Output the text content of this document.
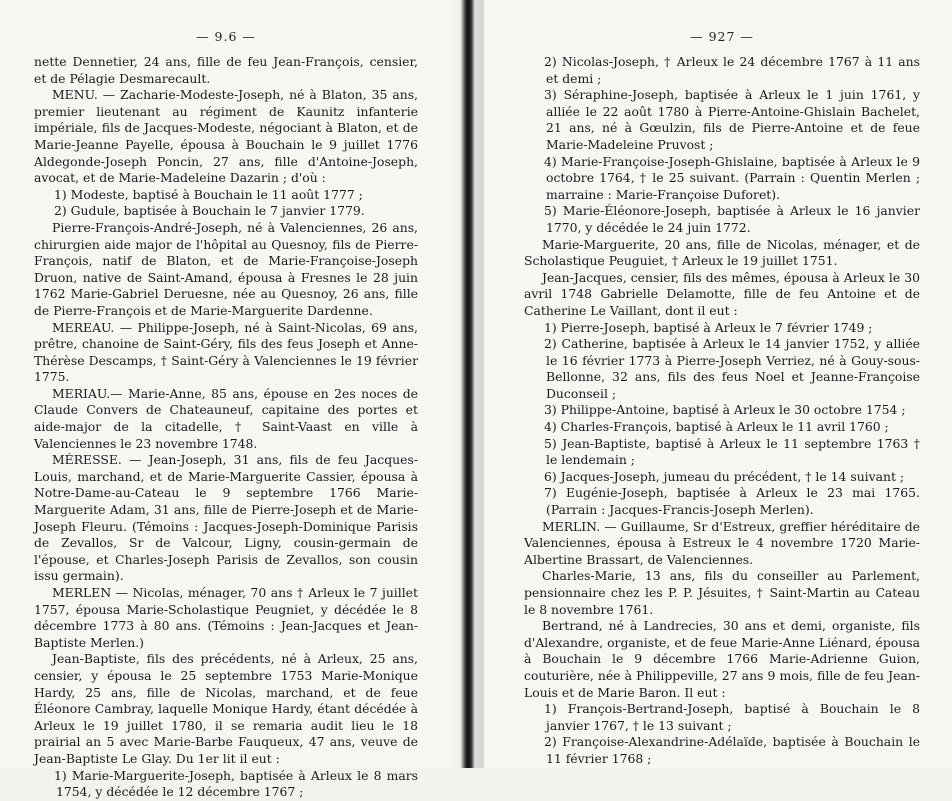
— 9.6 —

nette Dennetier, 24 ans, fille de feu Jean-François, censier, et de Pélagie Desmarecault.

MENU. — Zacharie-Modeste-Joseph, né à Blaton, 35 ans, premier lieutenant au régiment de Kaunitz infanterie impériale, fils de Jacques-Modeste, négociant à Blaton, et de Marie-Jeanne Payelle, épousa à Bouchain le 9 juillet 1776 Aldegonde-Joseph Poncin, 27 ans, fille d'Antoine-Joseph, avocat, et de Marie-Madeleine Dazarin ; d'où :

1) Modeste, baptisé à Bouchain le 11 août 1777 ;

2) Gudule, baptisée à Bouchain le 7 janvier 1779.

Pierre-François-André-Joseph, né à Valenciennes, 26 ans, chirurgien aide major de l'hôpital au Quesnoy, fils de Pierre-François, natif de Blaton, et de Marie-Françoise-Joseph Druon, native de Saint-Amand, épousa à Fresnes le 28 juin 1762 Marie-Gabriel Deruesne, née au Quesnoy, 26 ans, fille de Pierre-François et de Marie-Marguerite Dardenne.

MEREAU. — Philippe-Joseph, né à Saint-Nicolas, 69 ans, prêtre, chanoine de Saint-Géry, fils des feus Joseph et Anne-Thérèse Descamps, † Saint-Géry à Valenciennes le 19 février 1775.

MERIAU.— Marie-Anne, 85 ans, épouse en 2es noces de Claude Convers de Chateauneuf, capitaine des portes et aide-major de la citadelle, † Saint-Vaast en ville à Valenciennes le 23 novembre 1748.

MÉRESSE. — Jean-Joseph, 31 ans, fils de feu Jacques-Louis, marchand, et de Marie-Marguerite Cassier, épousa à Notre-Dame-au-Cateau le 9 septembre 1766 Marie-Marguerite Adam, 31 ans, fille de Pierre-Joseph et de Marie-Joseph Fleuru. (Témoins : Jacques-Joseph-Dominique Parisis de Zevallos, Sr de Valcour, Ligny, cousin-germain de l'épouse, et Charles-Joseph Parisis de Zevallos, son cousin issu germain).

MERLEN — Nicolas, ménager, 70 ans † Arleux le 7 juillet 1757, épousa Marie-Scholastique Peugniet, y décédée le 8 décembre 1773 à 80 ans. (Témoins : Jean-Jacques et Jean-Baptiste Merlen.)

Jean-Baptiste, fils des précédents, né à Arleux, 25 ans, censier, y épousa le 25 septembre 1753 Marie-Monique Hardy, 25 ans, fille de Nicolas, marchand, et de feue Éléonore Cambray, laquelle Monique Hardy, étant décédée à Arleux le 19 juillet 1780, il se remaria audit lieu le 18 prairial an 5 avec Marie-Barbe Fauqueux, 47 ans, veuve de Jean-Baptiste Le Glay. Du 1er lit il eut :

1) Marie-Marguerite-Joseph, baptisée à Arleux le 8 mars 1754, y décédée le 12 décembre 1767 ;

— 927 —

2) Nicolas-Joseph, † Arleux le 24 décembre 1767 à 11 ans et demi ;

3) Séraphine-Joseph, baptisée à Arleux le 1 juin 1761, y alliée le 22 août 1780 à Pierre-Antoine-Ghislain Bachelet, 21 ans, né à Gœulzin, fils de Pierre-Antoine et de feue Marie-Madeleine Pruvost ;

4) Marie-Françoise-Joseph-Ghislaine, baptisée à Arleux le 9 octobre 1764, † le 25 suivant. (Parrain : Quentin Merlen ; marraine : Marie-Françoise Duforet).

5) Marie-Éléonore-Joseph, baptisée à Arleux le 16 janvier 1770, y décédée le 24 juin 1772.

Marie-Marguerite, 20 ans, fille de Nicolas, ménager, et de Scholastique Peuguiet, † Arleux le 19 juillet 1751.

Jean-Jacques, censier, fils des mêmes, épousa à Arleux le 30 avril 1748 Gabrielle Delamotte, fille de feu Antoine et de Catherine Le Vaillant, dont il eut :

1) Pierre-Joseph, baptisé à Arleux le 7 février 1749 ;

2) Catherine, baptisée à Arleux le 14 janvier 1752, y alliée le 16 février 1773 à Pierre-Joseph Verriez, né à Gouy-sous-Bellonne, 32 ans, fils des feus Noel et Jeanne-Françoise Duconseil ;

3) Philippe-Antoine, baptisé à Arleux le 30 octobre 1754 ;

4) Charles-François, baptisé à Arleux le 11 avril 1760 ;

5) Jean-Baptiste, baptisé à Arleux le 11 septembre 1763 † le lendemain ;

6) Jacques-Joseph, jumeau du précédent, † le 14 suivant ;

7) Eugénie-Joseph, baptisée à Arleux le 23 mai 1765. (Parrain : Jacques-Francis-Joseph Merlen).

MERLIN. — Guillaume, Sr d'Estreux, greffier héréditaire de Valenciennes, épousa à Estreux le 4 novembre 1720 Marie-Albertine Brassart, de Valenciennes.

Charles-Marie, 13 ans, fils du conseiller au Parlement, pensionnaire chez les P. P. Jésuites, † Saint-Martin au Cateau le 8 novembre 1761.

Bertrand, né à Landrecies, 30 ans et demi, organiste, fils d'Alexandre, organiste, et de feue Marie-Anne Liénard, épousa à Bouchain le 9 décembre 1766 Marie-Adrienne Guion, couturière, née à Philippeville, 27 ans 9 mois, fille de feu Jean-Louis et de Marie Baron. Il eut :

1) François-Bertrand-Joseph, baptisé à Bouchain le 8 janvier 1767, † le 13 suivant ;

2) Françoise-Alexandrine-Adélaïde, baptisée à Bouchain le 11 février 1768 ;
